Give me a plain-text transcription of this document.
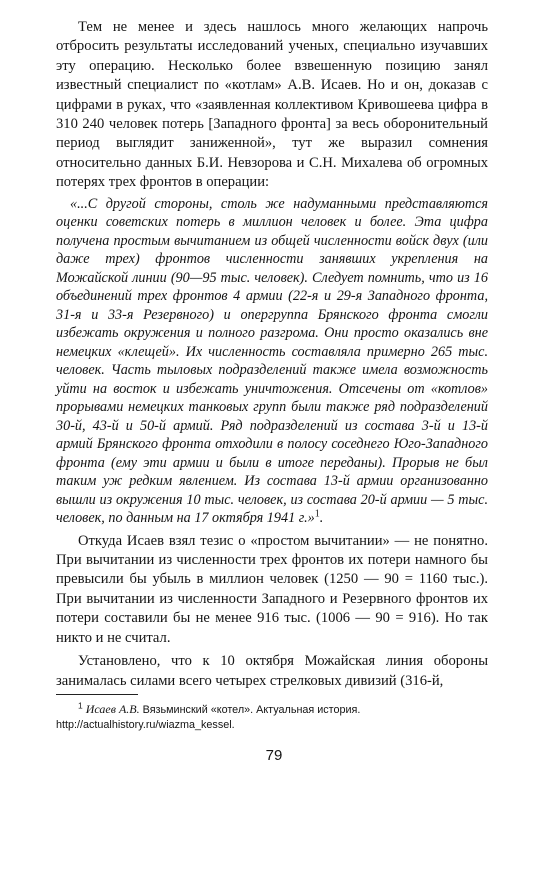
Тем не менее и здесь нашлось много желающих напрочь отбросить результаты исследований ученых, специально изучавших эту операцию. Несколько более взвешенную позицию занял известный специалист по «котлам» А.В. Исаев. Но и он, доказав с цифрами в руках, что «заявленная коллективом Кривошеева цифра в 310 240 человек потерь [Западного фронта] за весь оборонительный период выглядит заниженной», тут же выразил сомнения относительно данных Б.И. Невзорова и С.Н. Михалева об огромных потерях трех фронтов в операции:

«...С другой стороны, столь же надуманными представляются оценки советских потерь в миллион человек и более. Эта цифра получена простым вычитанием из общей численности войск двух (или даже трех) фронтов численности занявших укрепления на Можайской линии (90—95 тыс. человек). Следует помнить, что из 16 объединений трех фронтов 4 армии (22-я и 29-я Западного фронта, 31-я и 33-я Резервного) и опергруппа Брянского фронта смогли избежать окружения и полного разгрома. Они просто оказались вне немецких «клещей». Их численность составляла примерно 265 тыс. человек. Часть тыловых подразделений также имела возможность уйти на восток и избежать уничтожения. Отсечены от «котлов» прорывами немецких танковых групп были также ряд подразделений 30-й, 43-й и 50-й армий. Ряд подразделений из состава 3-й и 13-й армий Брянского фронта отходили в полосу соседнего Юго-Западного фронта (ему эти армии и были в итоге переданы). Прорыв не был таким уж редким явлением. Из состава 13-й армии организованно вышли из окружения 10 тыс. человек, из состава 20-й армии — 5 тыс. человек, по данным на 17 октября 1941 г.»$^1$.

Откуда Исаев взял тезис о «простом вычитании» — не понятно. При вычитании из численности трех фронтов их потери намного бы превысили бы убыль в миллион человек (1250 — 90 = 1160 тыс.). При вычитании из численности Западного и Резервного фронтов их потери составили бы не менее 916 тыс. (1006 — 90 = 916). Но так никто и не считал.

Установлено, что к 10 октября Можайская линия обороны занималась силами всего четырех стрелковых дивизий (316-й,

$^1$ Исаев А.В. Вязьминский «котел». Актуальная история. http://actualhistory.ru/wiazma_kessel.

79
